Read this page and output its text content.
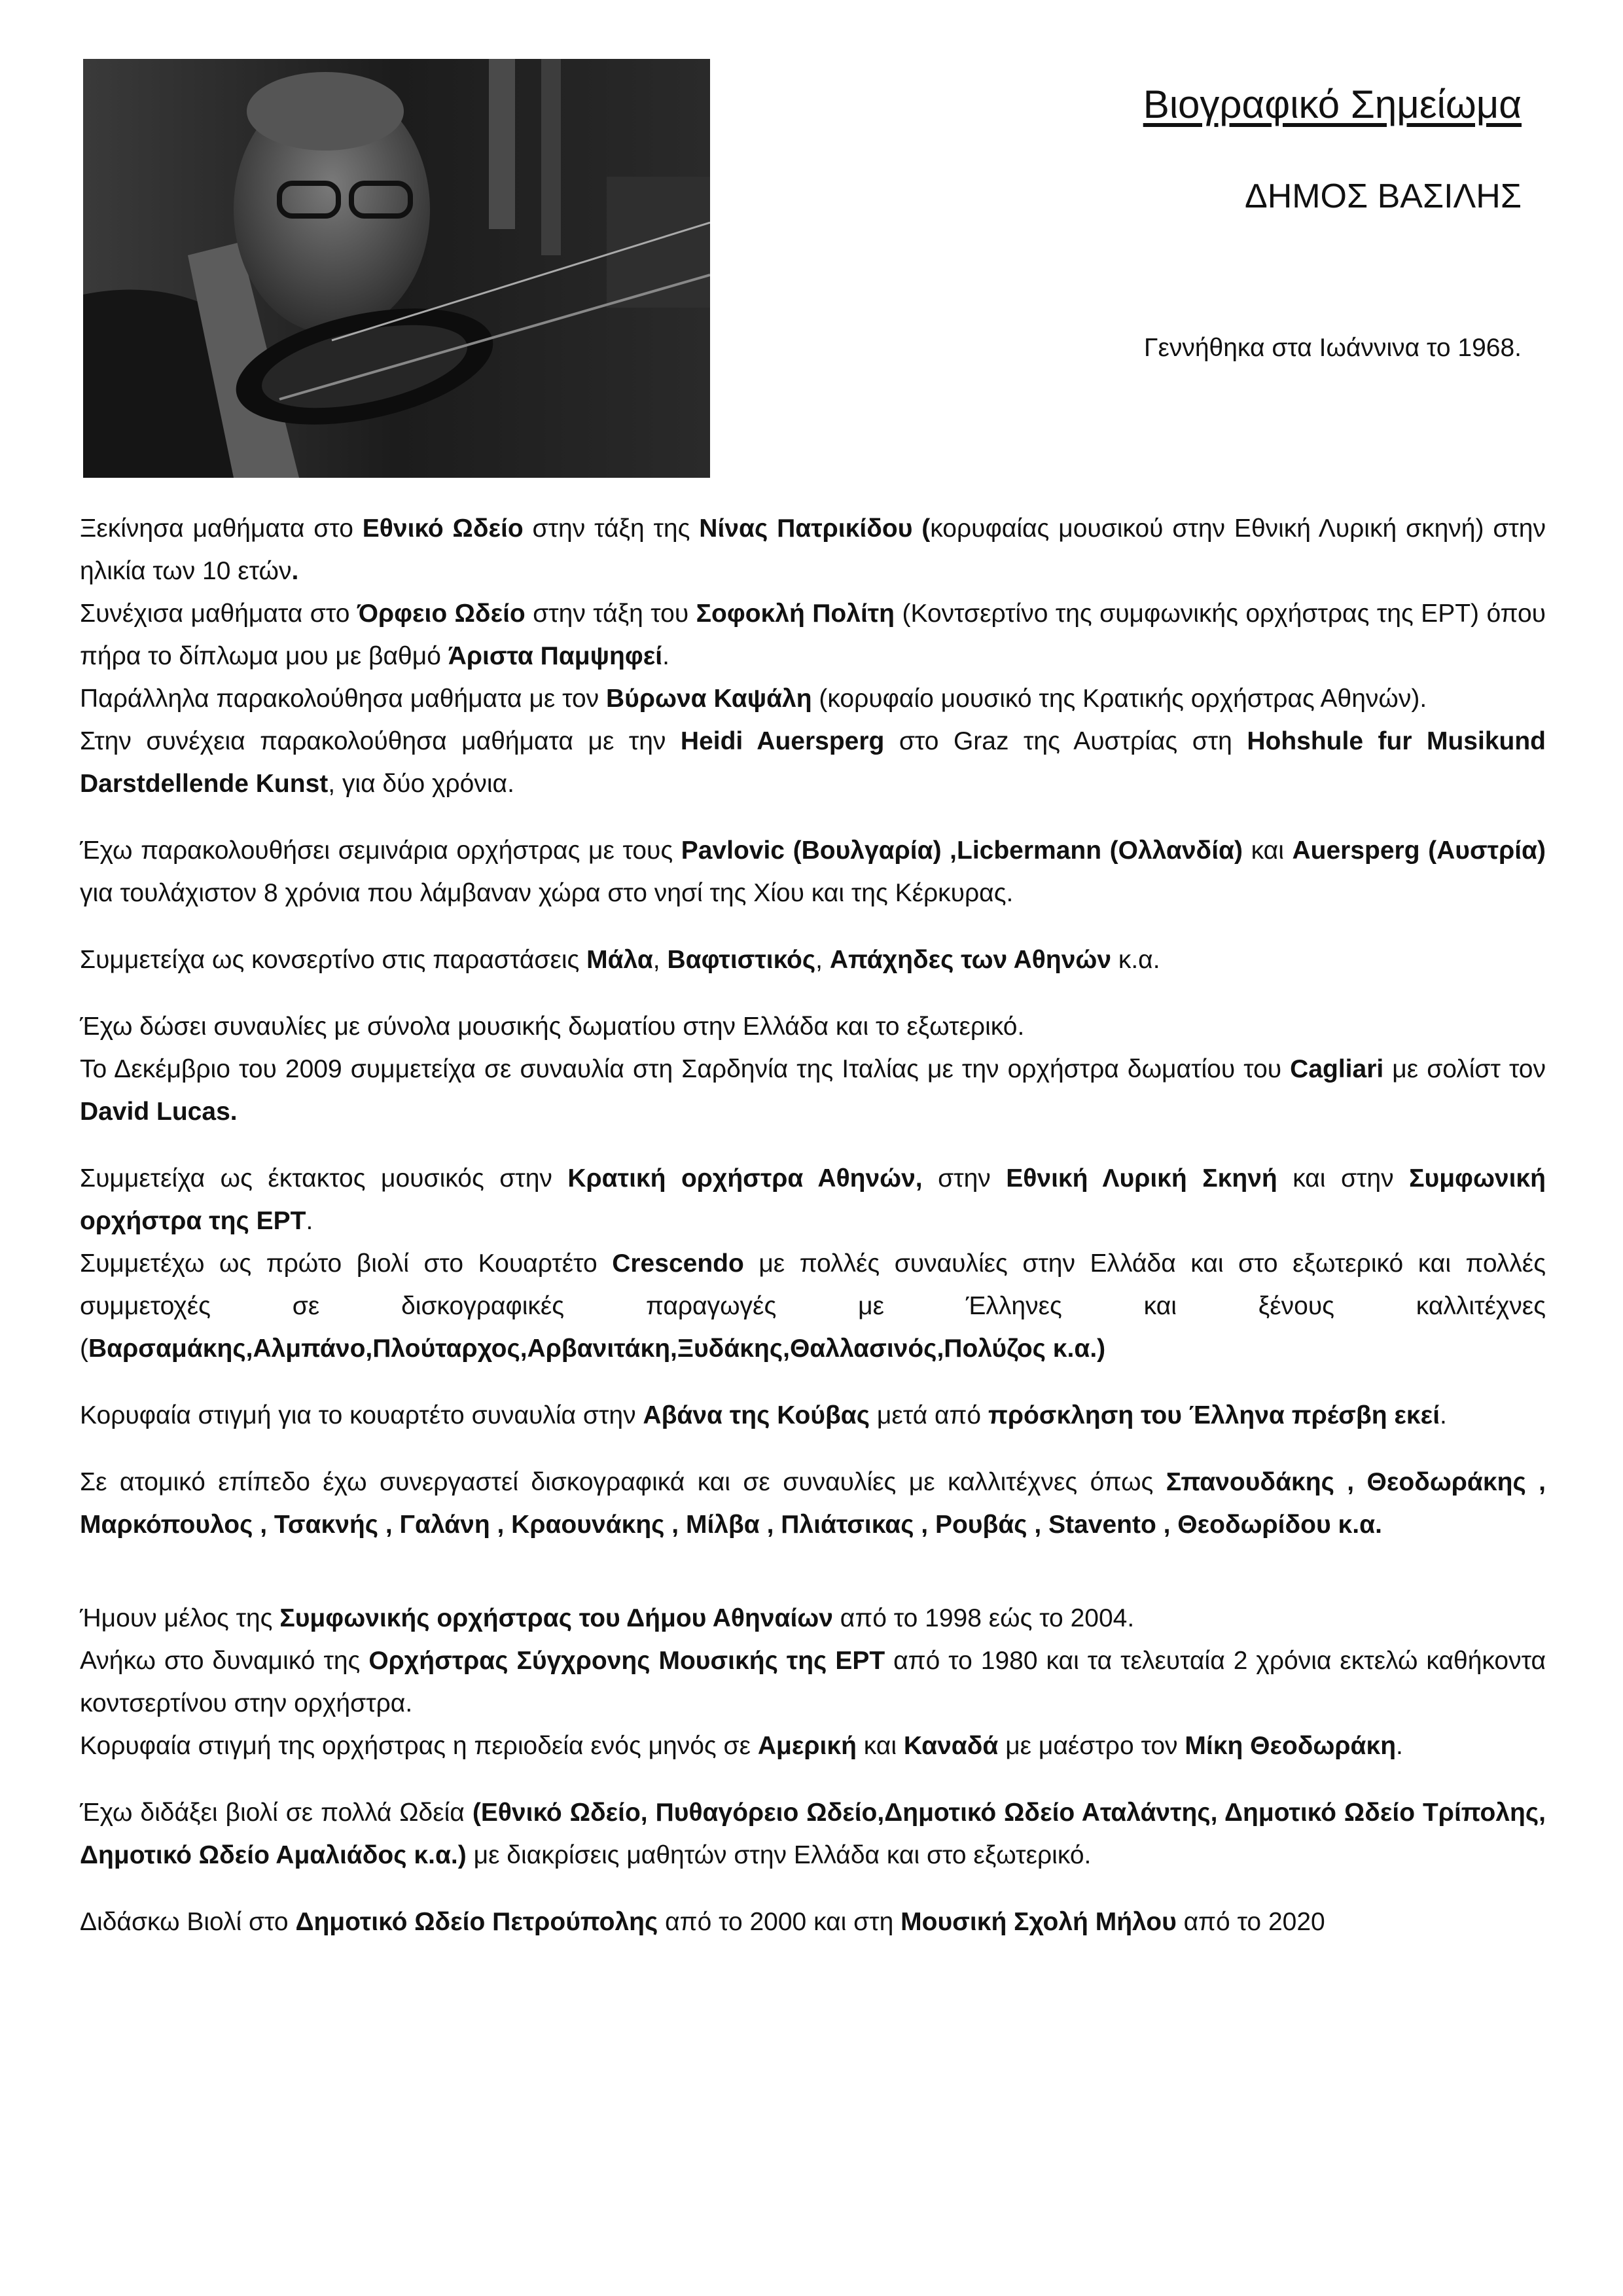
Βιογραφικό Σημείωμα
ΔΗΜΟΣ ΒΑΣΙΛΗΣ
Γεννήθηκα στα Ιωάννινα το 1968.

Ξεκίνησα μαθήματα στο Εθνικό Ωδείο στην τάξη της Νίνας Πατρικίδου (κορυφαίας μουσικού στην Εθνική Λυρική σκηνή) στην ηλικία των 10 ετών.

Συνέχισα μαθήματα στο Όρφειο Ωδείο στην τάξη του Σοφοκλή Πολίτη (Κοντσερτίνο της συμφωνικής ορχήστρας της ΕΡΤ) όπου πήρα το δίπλωμα μου με βαθμό Άριστα Παμψηφεί.

Παράλληλα παρακολούθησα μαθήματα με τον Βύρωνα Καψάλη (κορυφαίο μουσικό της Κρατικής ορχήστρας Αθηνών).

Στην συνέχεια παρακολούθησα μαθήματα με την Heidi Auersperg στο Graz της Αυστρίας στη Hohshule fur Musikund Darstdellende Kunst, για δύο χρόνια.

Έχω παρακολουθήσει σεμινάρια ορχήστρας με τους Pavlovic (Βουλγαρία) ,Licbermann (Ολλανδία) και Auersperg (Αυστρία) για τουλάχιστον 8 χρόνια που λάμβαναν χώρα στο νησί της Χίου και της Κέρκυρας.

Συμμετείχα ως κονσερτίνο στις παραστάσεις Μάλα, Βαφτιστικός, Απάχηδες των Αθηνών κ.α.

Έχω δώσει συναυλίες με σύνολα μουσικής δωματίου στην Ελλάδα και το εξωτερικό.

Το Δεκέμβριο του 2009 συμμετείχα σε συναυλία στη Σαρδηνία της Ιταλίας με την ορχήστρα δωματίου του Cagliari με σολίστ τον David Lucas.

Συμμετείχα ως έκτακτος μουσικός στην Κρατική ορχήστρα Αθηνών, στην Εθνική Λυρική Σκηνή και στην Συμφωνική ορχήστρα της ΕΡΤ.

Συμμετέχω ως πρώτο βιολί στο Κουαρτέτο Crescendo με πολλές συναυλίες στην Ελλάδα και στο εξωτερικό και πολλές συμμετοχές σε δισκογραφικές παραγωγές με Έλληνες και ξένους καλλιτέχνες (Βαρσαμάκης,Αλμπάνο,Πλούταρχος,Αρβανιτάκη,Ξυδάκης,Θαλλασινός,Πολύζος κ.α.)

Κορυφαία στιγμή για το κουαρτέτο συναυλία στην Αβάνα της Κούβας μετά από πρόσκληση του Έλληνα πρέσβη εκεί.

Σε ατομικό επίπεδο έχω συνεργαστεί δισκογραφικά και σε συναυλίες με καλλιτέχνες όπως Σπανουδάκης , Θεοδωράκης , Μαρκόπουλος , Τσακνής , Γαλάνη , Κραουνάκης , Μίλβα , Πλιάτσικας , Ρουβάς , Stavento , Θεοδωρίδου κ.α.

Ήμουν μέλος της Συμφωνικής ορχήστρας του Δήμου Αθηναίων από το 1998 εώς το 2004.

Ανήκω στο δυναμικό της Ορχήστρας Σύγχρονης Μουσικής της ΕΡΤ από το 1980 και τα τελευταία 2 χρόνια εκτελώ καθήκοντα κοντσερτίνου στην ορχήστρα.

Κορυφαία στιγμή της ορχήστρας η περιοδεία ενός μηνός σε Αμερική και Καναδά με μαέστρο τον Μίκη Θεοδωράκη.

Έχω διδάξει βιολί σε πολλά Ωδεία (Εθνικό Ωδείο, Πυθαγόρειο Ωδείο,Δημοτικό Ωδείο Αταλάντης, Δημοτικό Ωδείο Τρίπολης, Δημοτικό Ωδείο Αμαλιάδος κ.α.) με διακρίσεις μαθητών στην Ελλάδα και στο εξωτερικό.

Διδάσκω Βιολί στο Δημοτικό Ωδείο Πετρούπολης από το 2000 και στη Μουσική Σχολή Μήλου από το 2020
